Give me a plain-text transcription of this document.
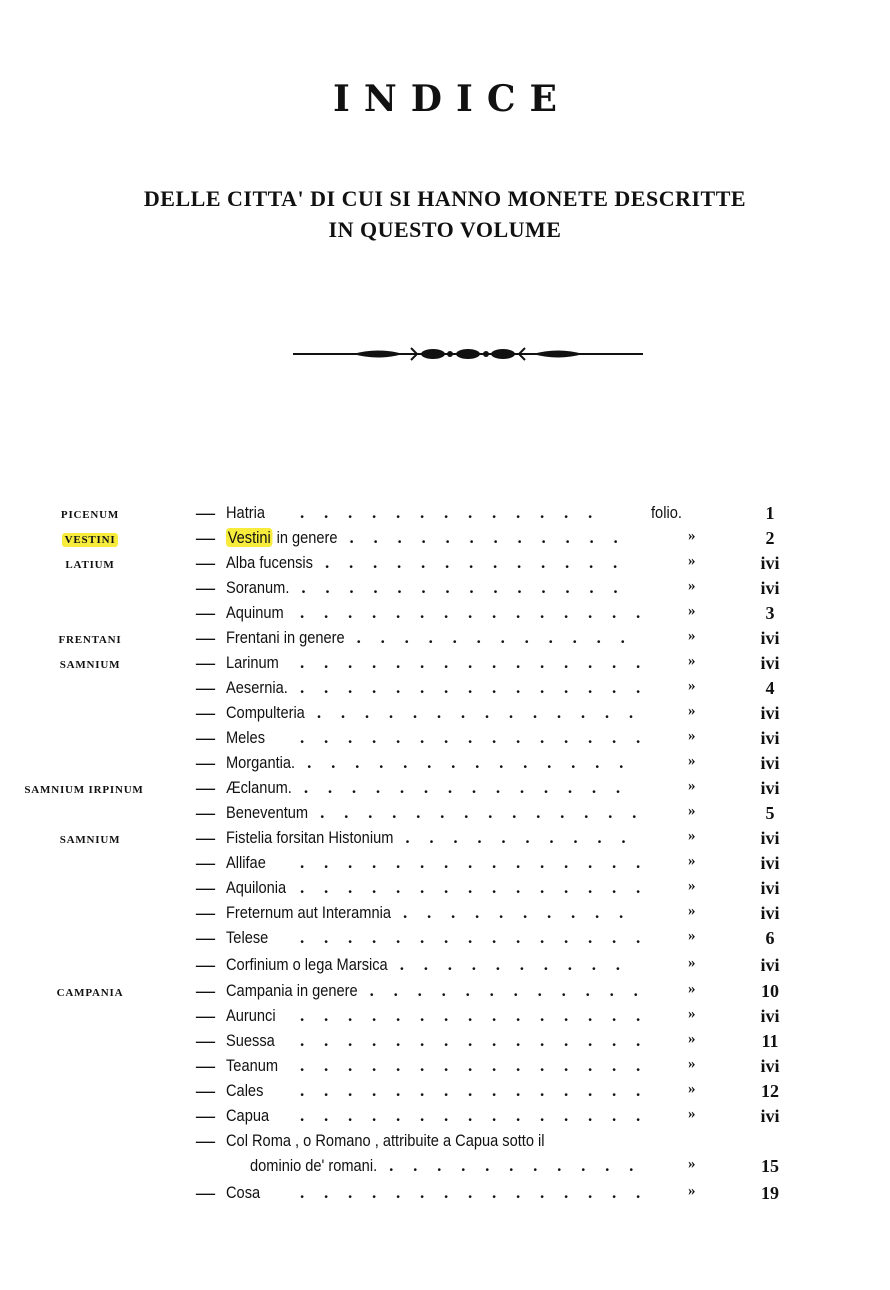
INDICE
DELLE CITTA' DI CUI SI HANNO MONETE DESCRITTE
IN QUESTO VOLUME
PICENUM	— Hatria . . . . . . . . . . . . .	folio.	1
VESTINI	— Vestini in genere . . . . . . . . . . . .	»	2
LATIUM	— Alba fucensis . . . . . . . . . . . . .	»	ivi
— Soranum. . . . . . . . . . . . . . .	»	ivi
— Aquinum . . . . . . . . . . . . . . .	»	3
FRENTANI	— Frentani in genere . . . . . . . . . . . .	»	ivi
SAMNIUM	— Larinum . . . . . . . . . . . . . . .	»	ivi
— Aesernia. . . . . . . . . . . . . . . .	»	4
— Compulteria . . . . . . . . . . . . . .	»	ivi
— Meles . . . . . . . . . . . . . . .	»	ivi
— Morgantia. . . . . . . . . . . . . . .	»	ivi
SAMNIUM IRPINUM	— Æclanum. . . . . . . . . . . . . . .	»	ivi
— Beneventum . . . . . . . . . . . . . .	»	5
SAMNIUM	— Fistelia forsitan Histonium . . . . . . . . . .	»	ivi
— Allifae . . . . . . . . . . . . . . .	»	ivi
— Aquilonia . . . . . . . . . . . . . . .	»	ivi
— Freternum aut Interamnia . . . . . . . . . .	»	ivi
— Telese . . . . . . . . . . . . . . .	»	6
— Corfinium o lega Marsica . . . . . . . . . .	»	ivi
CAMPANIA	— Campania in genere . . . . . . . . . . . .	»	10
— Aurunci . . . . . . . . . . . . . . .	»	ivi
— Suessa . . . . . . . . . . . . . . .	»	11
— Teanum . . . . . . . . . . . . . . .	»	ivi
— Cales . . . . . . . . . . . . . . .	»	12
— Capua . . . . . . . . . . . . . . .	»	ivi
— Col Roma , o Romano , attribuite a Capua sotto il
dominio de' romani. . . . . . . . . . . .	»	15
— Cosa . . . . . . . . . . . . . . .	»	19
